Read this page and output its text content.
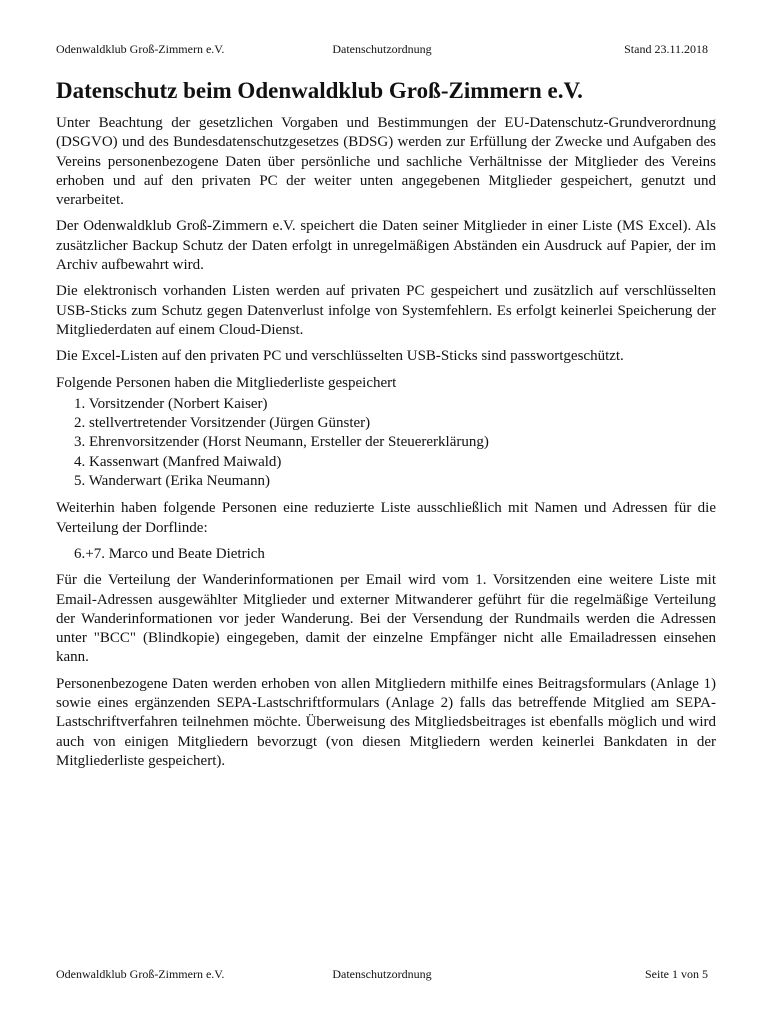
Odenwaldklub Groß-Zimmern e.V.	Datenschutzordnung	Stand 23.11.2018
Datenschutz beim Odenwaldklub Groß-Zimmern e.V.

Unter Beachtung der gesetzlichen Vorgaben und Bestimmungen der EU-Datenschutz-Grundverordnung (DSGVO) und des Bundesdatenschutzgesetzes (BDSG) werden zur Erfüllung der Zwecke und Aufgaben des Vereins personenbezogene Daten über persönliche und sachliche Verhältnisse der Mitglieder des Vereins erhoben und auf den privaten PC der weiter unten angegebenen Mitglieder gespeichert, genutzt und verarbeitet.

Der Odenwaldklub Groß-Zimmern e.V. speichert die Daten seiner Mitglieder in einer Liste (MS Excel). Als zusätzlicher Backup Schutz der Daten erfolgt in unregelmäßigen Abständen ein Ausdruck auf Papier, der im Archiv aufbewahrt wird.

Die elektronisch vorhanden Listen werden auf privaten PC gespeichert und zusätzlich auf verschlüsselten USB-Sticks zum Schutz gegen Datenverlust infolge von Systemfehlern. Es erfolgt keinerlei Speicherung der Mitgliederdaten auf einem Cloud-Dienst.

Die Excel-Listen auf den privaten PC und verschlüsselten USB-Sticks sind passwortgeschützt.

Folgende Personen haben die Mitgliederliste gespeichert

1. Vorsitzender (Norbert Kaiser)
2. stellvertretender Vorsitzender (Jürgen Günster)
3. Ehrenvorsitzender (Horst Neumann, Ersteller der Steuererklärung)
4. Kassenwart (Manfred Maiwald)
5. Wanderwart (Erika Neumann)

Weiterhin haben folgende Personen eine reduzierte Liste ausschließlich mit Namen und Adressen für die Verteilung der Dorflinde:

6.+7. Marco und Beate Dietrich

Für die Verteilung der Wanderinformationen per Email wird vom 1. Vorsitzenden eine weitere Liste mit Email-Adressen ausgewählter Mitglieder und externer Mitwanderer geführt für die regelmäßige Verteilung der Wanderinformationen vor jeder Wanderung. Bei der Versendung der Rundmails werden die Adressen unter "BCC" (Blindkopie) eingegeben, damit der einzelne Empfänger nicht alle Emailadressen einsehen kann.

Personenbezogene Daten werden erhoben von allen Mitgliedern mithilfe eines Beitragsformulars (Anlage 1) sowie eines ergänzenden SEPA-Lastschriftformulars (Anlage 2) falls das betreffende Mitglied am SEPA-Lastschriftverfahren teilnehmen möchte. Überweisung des Mitgliedsbeitrages ist ebenfalls möglich und wird auch von einigen Mitgliedern bevorzugt (von diesen Mitgliedern werden keinerlei Bankdaten in der Mitgliederliste gespeichert).

Odenwaldklub Groß-Zimmern e.V.	Datenschutzordnung	Seite 1 von 5
